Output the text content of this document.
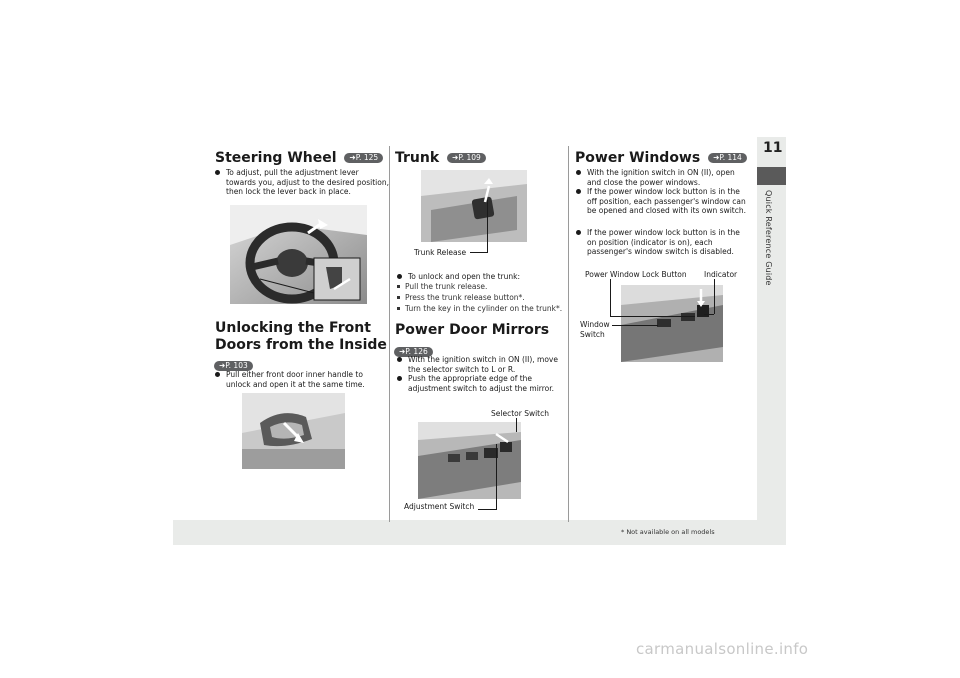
11
Quick Reference Guide
Steering Wheel ➜P. 125
To adjust, pull the adjustment lever towards you, adjust to the desired position, then lock the lever back in place.
Unlocking the Front
Doors from the Inside
➜P. 103
Pull either front door inner handle to unlock and open it at the same time.
Trunk ➜P. 109
Trunk Release
To unlock and open the trunk:
Pull the trunk release.
Press the trunk release button*.
Turn the key in the cylinder on the trunk*.
Power Door Mirrors
➜P. 126
With the ignition switch in ON (II), move the selector switch to L or R.
Push the appropriate edge of the adjustment switch to adjust the mirror.
Selector Switch
Adjustment Switch
Power Windows ➜P. 114
With the ignition switch in ON (II), open and close the power windows.
If the power window lock button is in the off position, each passenger's window can be opened and closed with its own switch.
If the power window lock button is in the on position (indicator is on), each passenger's window switch is disabled.
Power Window Lock Button Indicator
Window
Switch
* Not available on all models
carmanualsonline.info
